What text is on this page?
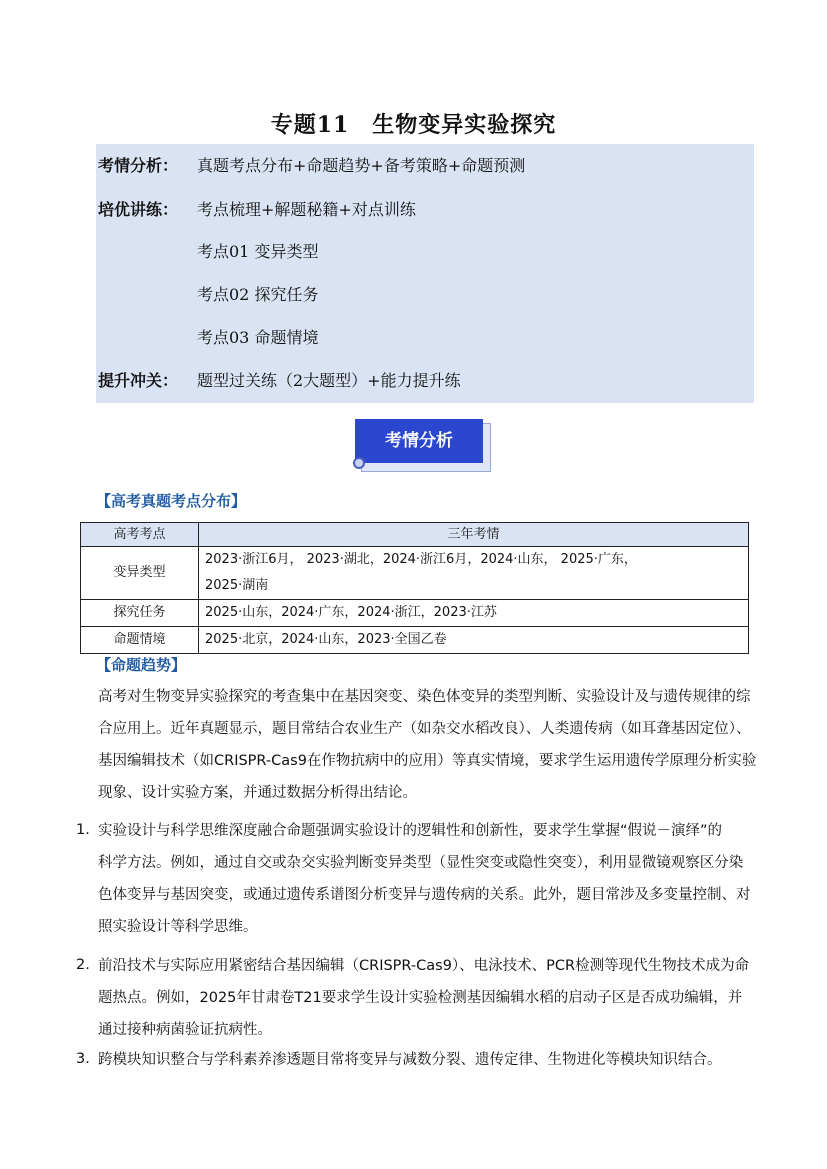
专题11　生物变异实验探究
考情分析： 真题考点分布+命题趋势+备考策略+命题预测
培优讲练： 考点梳理+解题秘籍+对点训练
考点01 变异类型
考点02 探究任务
考点03 命题情境
提升冲关： 题型过关练（2大题型）+能力提升练
考情分析
【高考真题考点分布】
高考考点	三年考情
变异类型	2023·浙江6月， 2023·湖北，2024·浙江6月，2024·山东， 2025·广东，
2025·湖南

探究任务	2025·山东，2024·广东，2024·浙江，2023·江苏
命题情境	2025·北京，2024·山东，2023·全国乙卷
【命题趋势】
高考对生物变异实验探究的考查集中在基因突变、染色体变异的类型判断、实验设计及与遗传规律的综
合应用上。近年真题显示，题目常结合农业生产（如杂交水稻改良）、人类遗传病（如耳聋基因定位）、
基因编辑技术（如CRISPR-Cas9在作物抗病中的应用）等真实情境，要求学生运用遗传学原理分析实验
现象、设计实验方案，并通过数据分析得出结论。
1. 实验设计与科学思维深度融合命题强调实验设计的逻辑性和创新性，要求学生掌握“假说－演绎”的
科学方法。例如，通过自交或杂交实验判断变异类型（显性突变或隐性突变），利用显微镜观察区分染
色体变异与基因突变，或通过遗传系谱图分析变异与遗传病的关系。此外，题目常涉及多变量控制、对
照实验设计等科学思维。
2. 前沿技术与实际应用紧密结合基因编辑（CRISPR-Cas9）、电泳技术、PCR检测等现代生物技术成为命
题热点。例如，2025年甘肃卷T21要求学生设计实验检测基因编辑水稻的启动子区是否成功编辑，并
通过接种病菌验证抗病性。
3. 跨模块知识整合与学科素养渗透题目常将变异与减数分裂、遗传定律、生物进化等模块知识结合。
